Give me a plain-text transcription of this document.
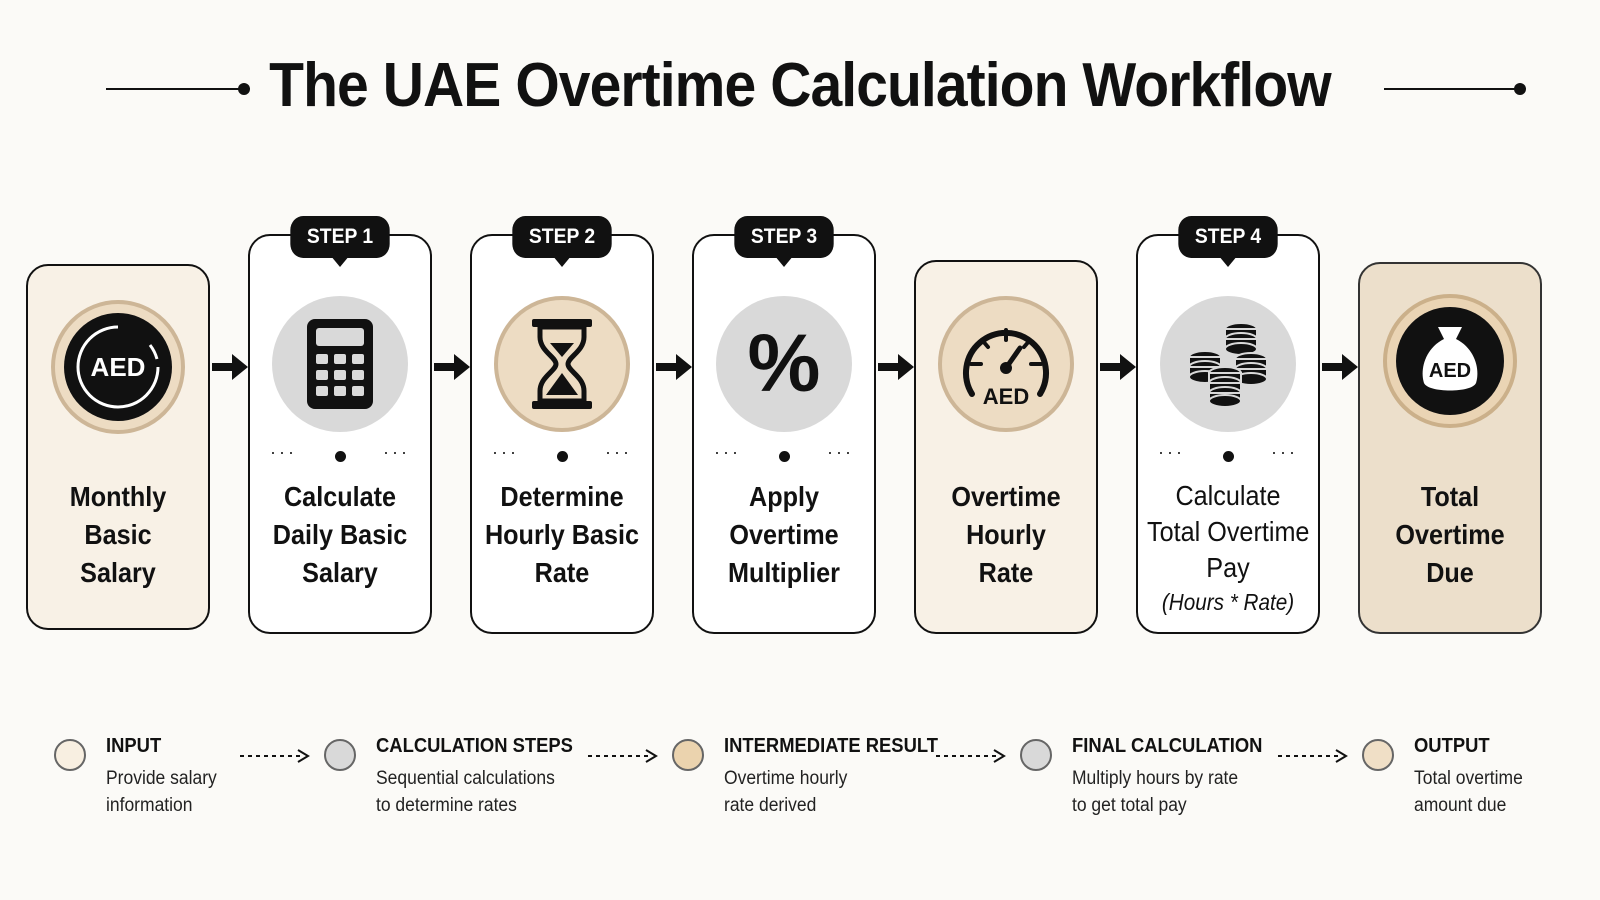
The UAE Overtime Calculation Workflow
AED
Monthly
Basic
Salary
STEP 1
···	···
Calculate
Daily Basic
Salary
STEP 2
···	···
Determine
Hourly Basic
Rate
STEP 3
%
···	···
Apply
Overtime
Multiplier
AED
Overtime
Hourly
Rate
STEP 4
···	···
Calculate
Total Overtime
Pay
(Hours * Rate)
AED
Total
Overtime
Due
INPUT
Provide salary
information
CALCULATION STEPS
Sequential calculations
to determine rates
INTERMEDIATE RESULT
Overtime hourly
rate derived
FINAL CALCULATION
Multiply hours by rate
to get total pay
OUTPUT
Total overtime
amount due
